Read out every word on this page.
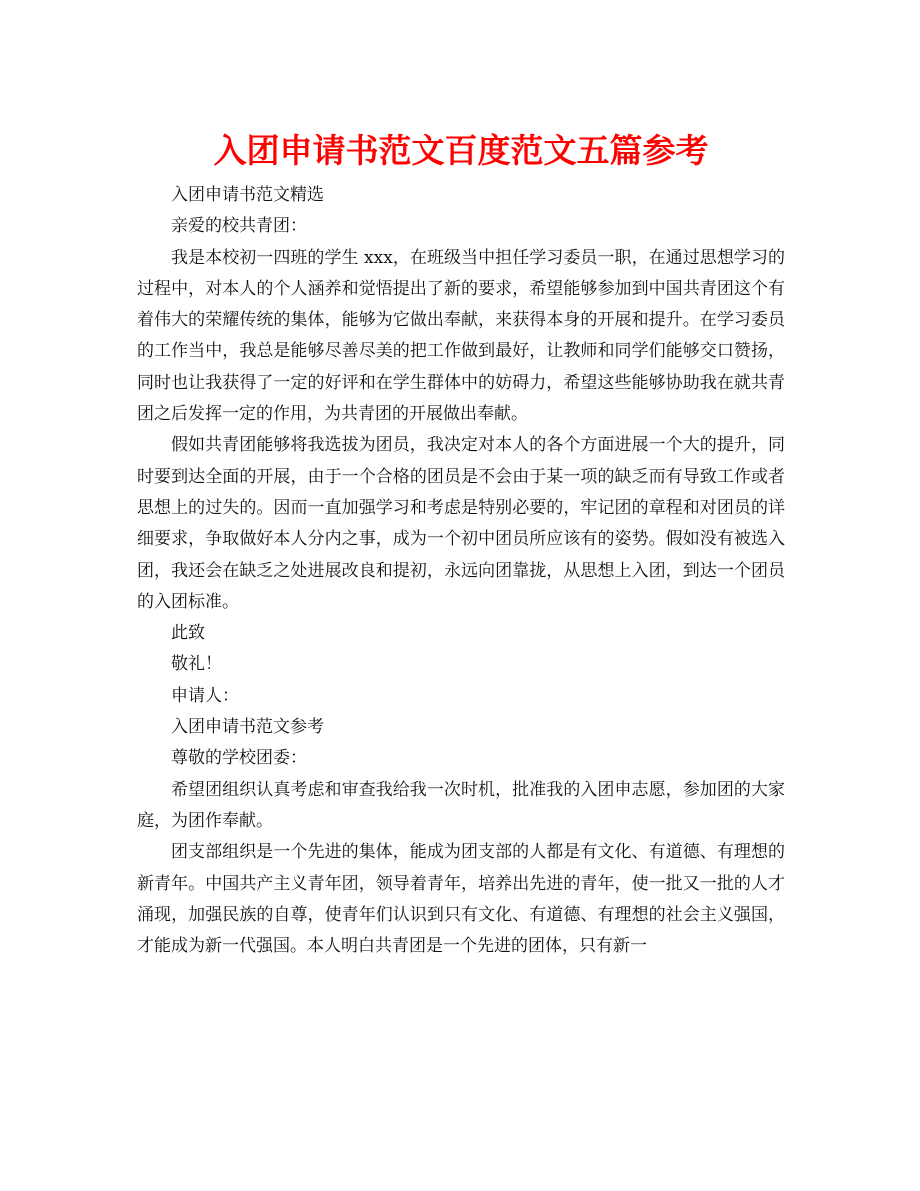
入团申请书范文百度范文五篇参考

入团申请书范文精选

亲爱的校共青团：

我是本校初一四班的学生 xxx，在班级当中担任学习委员一职，在通过思想学习的过程中，对本人的个人涵养和觉悟提出了新的要求，希望能够参加到中国共青团这个有着伟大的荣耀传统的集体，能够为它做出奉献，来获得本身的开展和提升。在学习委员的工作当中，我总是能够尽善尽美的把工作做到最好，让教师和同学们能够交口赞扬，同时也让我获得了一定的好评和在学生群体中的妨碍力，希望这些能够协助我在就共青团之后发挥一定的作用，为共青团的开展做出奉献。

假如共青团能够将我选拔为团员，我决定对本人的各个方面进展一个大的提升，同时要到达全面的开展，由于一个合格的团员是不会由于某一项的缺乏而有导致工作或者思想上的过失的。因而一直加强学习和考虑是特别必要的，牢记团的章程和对团员的详细要求，争取做好本人分内之事，成为一个初中团员所应该有的姿势。假如没有被选入团，我还会在缺乏之处进展改良和提初，永远向团靠拢，从思想上入团，到达一个团员的入团标准。

此致

敬礼！

申请人：

入团申请书范文参考

尊敬的学校团委：

希望团组织认真考虑和审查我给我一次时机，批准我的入团申志愿，参加团的大家庭，为团作奉献。

团支部组织是一个先进的集体，能成为团支部的人都是有文化、有道德、有理想的新青年。中国共产主义青年团，领导着青年，培养出先进的青年，使一批又一批的人才涌现，加强民族的自尊，使青年们认识到只有文化、有道德、有理想的社会主义强国，才能成为新一代强国。本人明白共青团是一个先进的团体，只有新一
